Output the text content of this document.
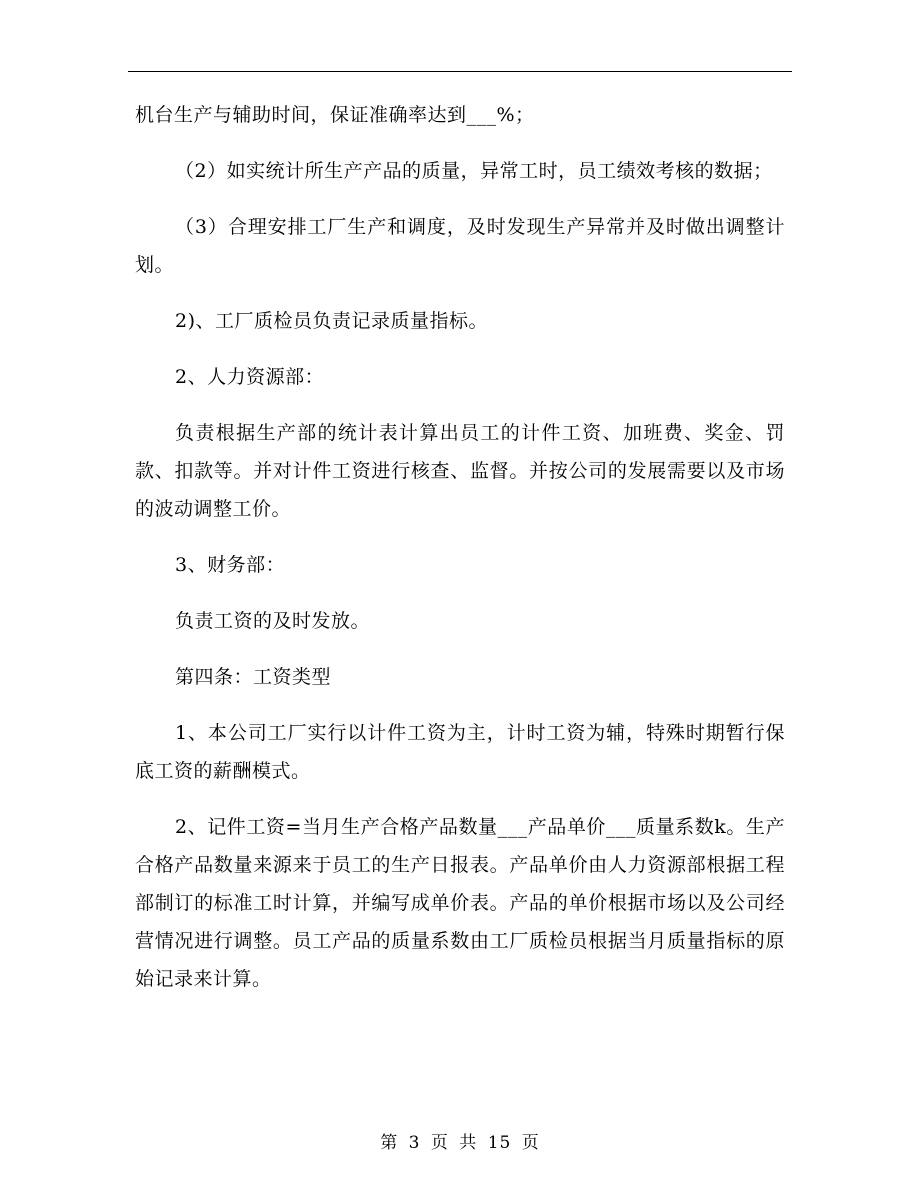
机台生产与辅助时间，保证准确率达到___%；

（2）如实统计所生产产品的质量，异常工时，员工绩效考核的数据；

（3）合理安排工厂生产和调度，及时发现生产异常并及时做出调整计划。

2)、工厂质检员负责记录质量指标。

2、人力资源部：

负责根据生产部的统计表计算出员工的计件工资、加班费、奖金、罚款、扣款等。并对计件工资进行核查、监督。并按公司的发展需要以及市场的波动调整工价。

3、财务部：

负责工资的及时发放。

第四条：工资类型

1、本公司工厂实行以计件工资为主，计时工资为辅，特殊时期暂行保底工资的薪酬模式。

2、记件工资=当月生产合格产品数量___产品单价___质量系数k。生产合格产品数量来源来于员工的生产日报表。产品单价由人力资源部根据工程部制订的标准工时计算，并编写成单价表。产品的单价根据市场以及公司经营情况进行调整。员工产品的质量系数由工厂质检员根据当月质量指标的原始记录来计算。

第 3 页 共 15 页
